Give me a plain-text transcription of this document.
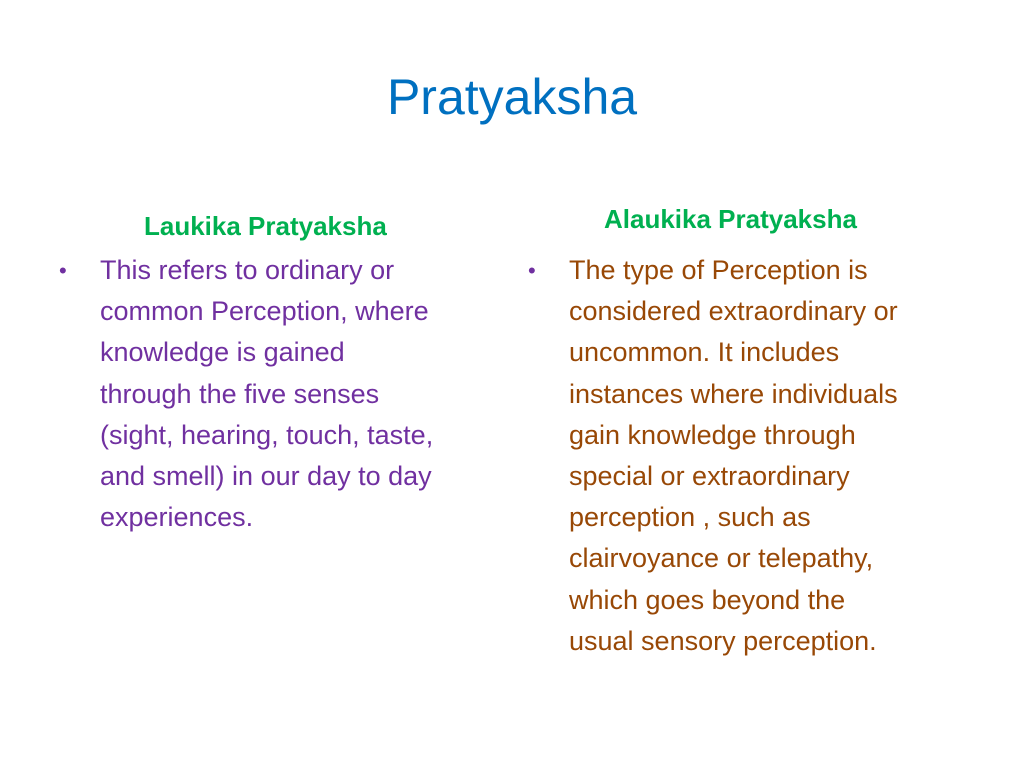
Pratyaksha
Laukika Pratyaksha	Alaukika Pratyaksha
• This refers to ordinary or
common Perception, where
knowledge is gained
through the five senses
(sight, hearing, touch, taste,
and smell) in our day to day
experiences.
• The type of Perception is
considered extraordinary or
uncommon. It includes
instances where individuals
gain knowledge through
special or extraordinary
perception , such as
clairvoyance or telepathy,
which goes beyond the
usual sensory perception.
